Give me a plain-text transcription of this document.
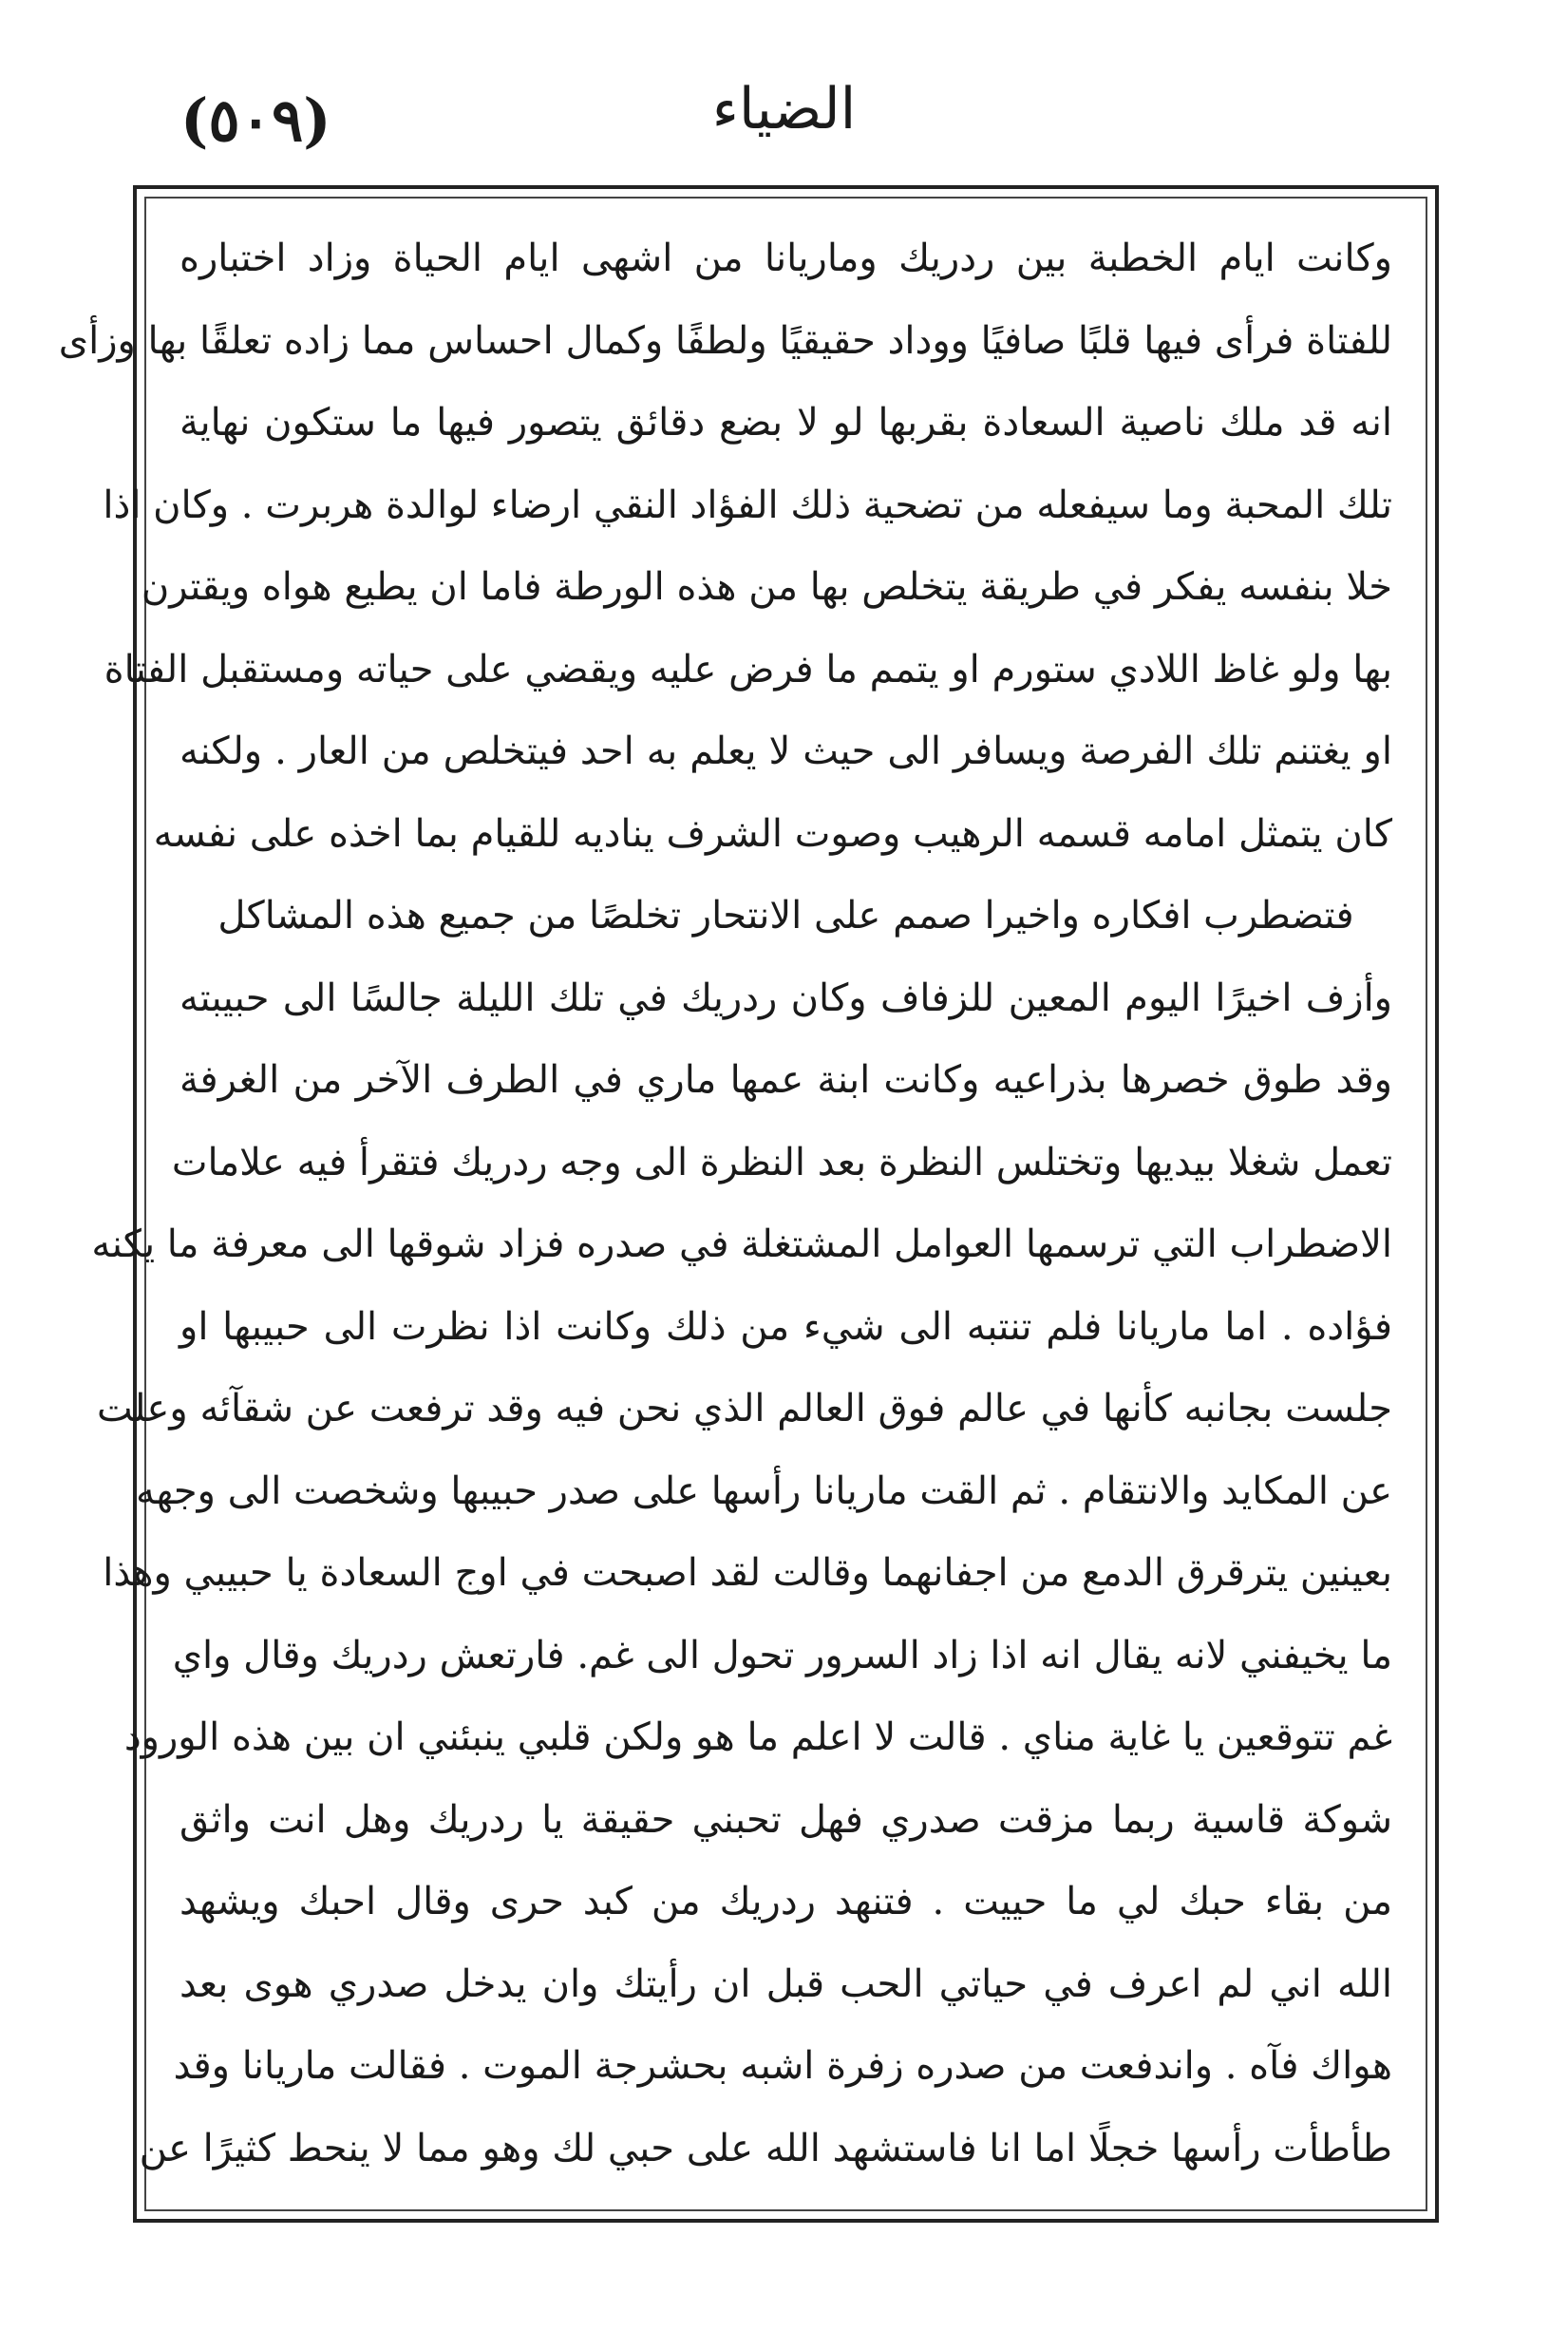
(٥٠٩)	الضياء

وكانت ايام الخطبة بين ردريك وماريانا من اشهى ايام الحياة وزاد اختباره
للفتاة فرأى فيها قلبًا صافيًا ووداد حقيقيًا ولطفًا وكمال احساس مما زاده تعلقًا بها وزأى
انه قد ملك ناصية السعادة بقربها لو لا بضع دقائق يتصور فيها ما ستكون نهاية
تلك المحبة وما سيفعله من تضحية ذلك الفؤاد النقي ارضاء لوالدة هربرت . وكان اذا
خلا بنفسه يفكر في طريقة يتخلص بها من هذه الورطة فاما ان يطيع هواه ويقترن
بها ولو غاظ اللادي ستورم او يتمم ما فرض عليه ويقضي على حياته ومستقبل الفتاة
او يغتنم تلك الفرصة ويسافر الى حيث لا يعلم به احد فيتخلص من العار . ولكنه
كان يتمثل امامه قسمه الرهيب وصوت الشرف يناديه للقيام بما اخذه على نفسه
فتضطرب افكاره واخيرا صمم على الانتحار تخلصًا من جميع هذه المشاكل

وأزف اخيرًا اليوم المعين للزفاف وكان ردريك في تلك الليلة جالسًا الى حبيبته
وقد طوق خصرها بذراعيه وكانت ابنة عمها ماري في الطرف الآخر من الغرفة
تعمل شغلا بيديها وتختلس النظرة بعد النظرة الى وجه ردريك فتقرأ فيه علامات
الاضطراب التي ترسمها العوامل المشتغلة في صدره فزاد شوقها الى معرفة ما يكنه
فؤاده . اما ماريانا فلم تنتبه الى شيء من ذلك وكانت اذا نظرت الى حبيبها او
جلست بجانبه كأنها في عالم فوق العالم الذي نحن فيه وقد ترفعت عن شقآئه وعلت
عن المكايد والانتقام . ثم القت ماريانا رأسها على صدر حبيبها وشخصت الى وجهه
بعينين يترقرق الدمع من اجفانهما وقالت لقد اصبحت في اوج السعادة يا حبيبي وهذا
ما يخيفني لانه يقال انه اذا زاد السرور تحول الى غم. فارتعش ردريك وقال واي
غم تتوقعين يا غاية مناي . قالت لا اعلم ما هو ولكن قلبي ينبئني ان بين هذه الورود
شوكة قاسية ربما مزقت صدري فهل تحبني حقيقة يا ردريك وهل انت واثق
من بقاء حبك لي ما حييت . فتنهد ردريك من كبد حرى وقال احبك ويشهد
الله اني لم اعرف في حياتي الحب قبل ان رأيتك وان يدخل صدري هوى بعد
هواك فآه . واندفعت من صدره زفرة اشبه بحشرجة الموت . فقالت ماريانا وقد
طأطأت رأسها خجلًا اما انا فاستشهد الله على حبي لك وهو مما لا ينحط كثيرًا عن
